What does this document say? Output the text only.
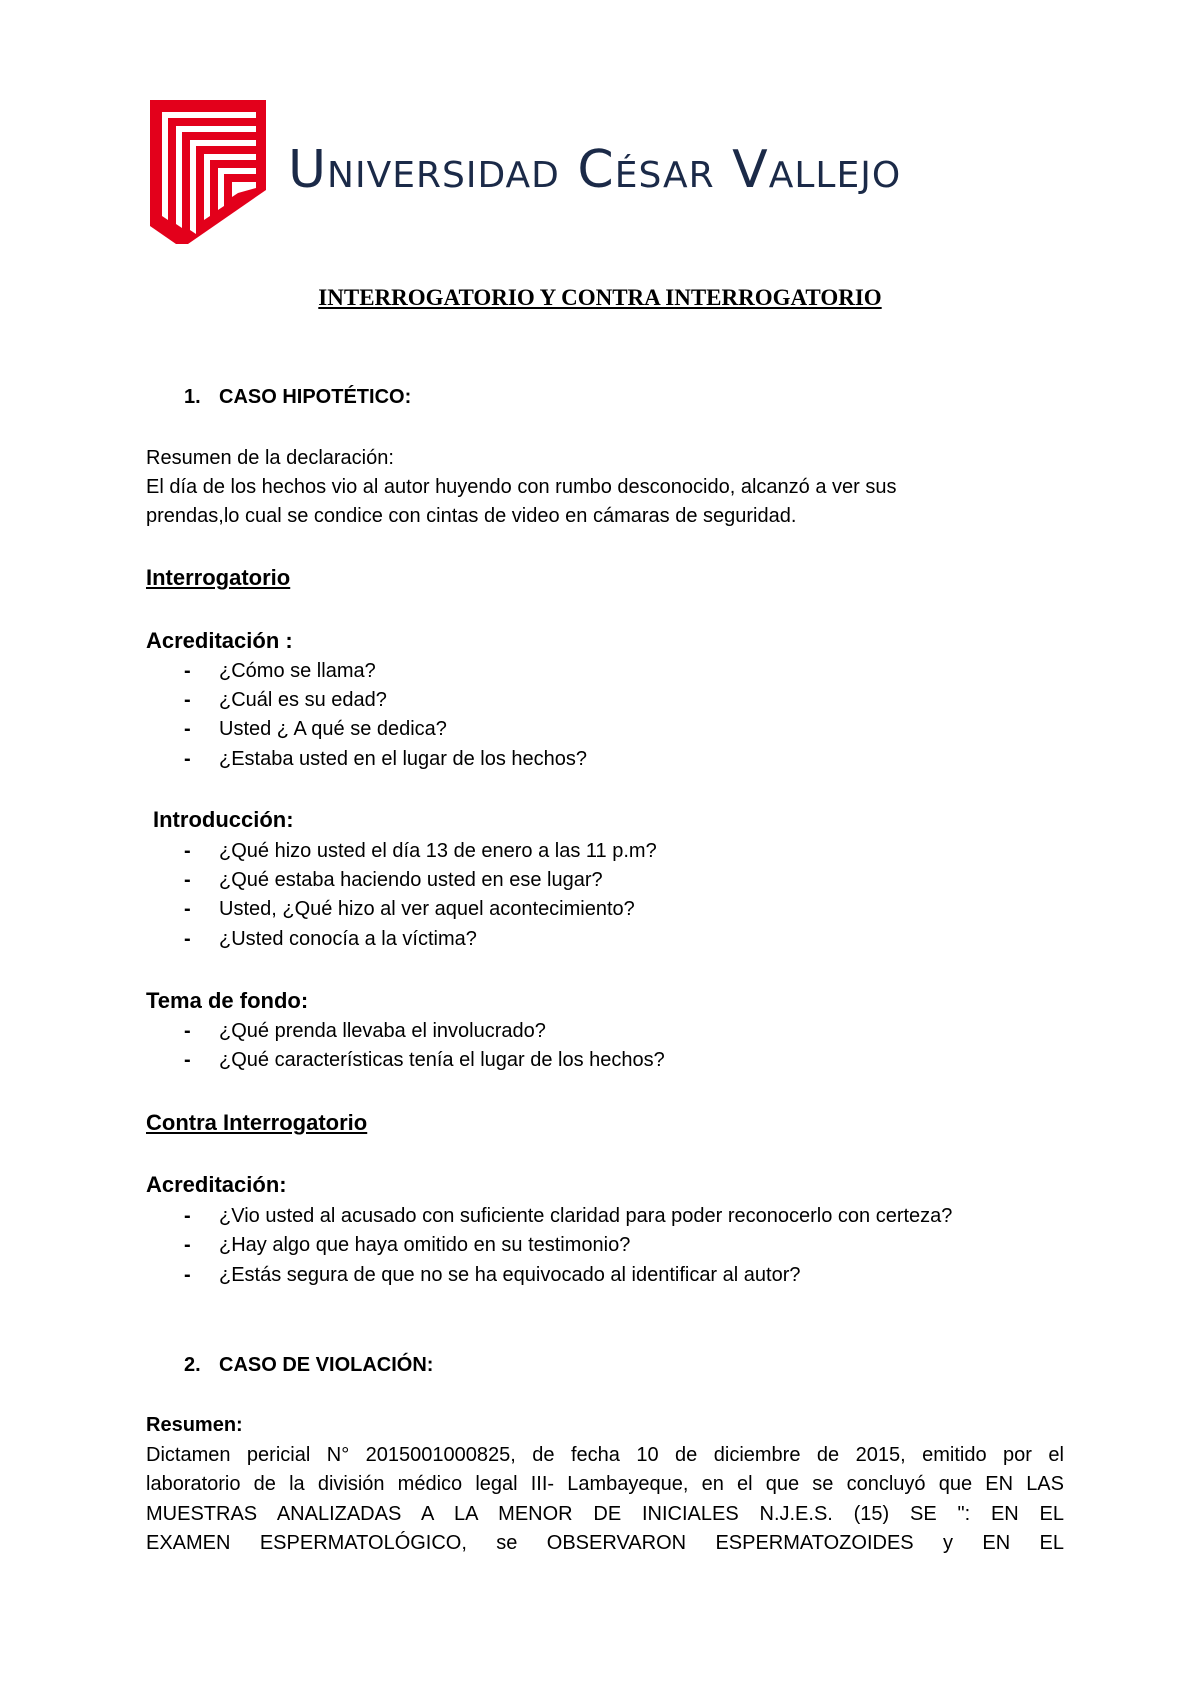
Universidad César Vallejo
INTERROGATORIO Y CONTRA INTERROGATORIO
1. CASO HIPOTÉTICO:
Resumen de la declaración:
El día de los hechos vio al autor huyendo con rumbo desconocido, alcanzó a ver sus
prendas,lo cual se condice con cintas de video en cámaras de seguridad.
Interrogatorio
Acreditación :
- ¿Cómo se llama?
- ¿Cuál es su edad?
- Usted ¿ A qué se dedica?
- ¿Estaba usted en el lugar de los hechos?
Introducción:
- ¿Qué hizo usted el día 13 de enero a las 11 p.m?
- ¿Qué estaba haciendo usted en ese lugar?
- Usted, ¿Qué hizo al ver aquel acontecimiento?
- ¿Usted conocía a la víctima?
Tema de fondo:
- ¿Qué prenda llevaba el involucrado?
- ¿Qué características tenía el lugar de los hechos?
Contra Interrogatorio
Acreditación:
- ¿Vio usted al acusado con suficiente claridad para poder reconocerlo con certeza?
- ¿Hay algo que haya omitido en su testimonio?
- ¿Estás segura de que no se ha equivocado al identificar al autor?
2. CASO DE VIOLACIÓN:
Resumen:
Dictamen pericial N° 2015001000825, de fecha 10 de diciembre de 2015, emitido por el
laboratorio de la división médico legal III- Lambayeque, en el que se concluyó que EN LAS
MUESTRAS ANALIZADAS A LA MENOR DE INICIALES N.J.E.S. (15) SE ": EN EL
EXAMEN ESPERMATOLÓGICO, se OBSERVARON ESPERMATOZOIDES y EN EL
